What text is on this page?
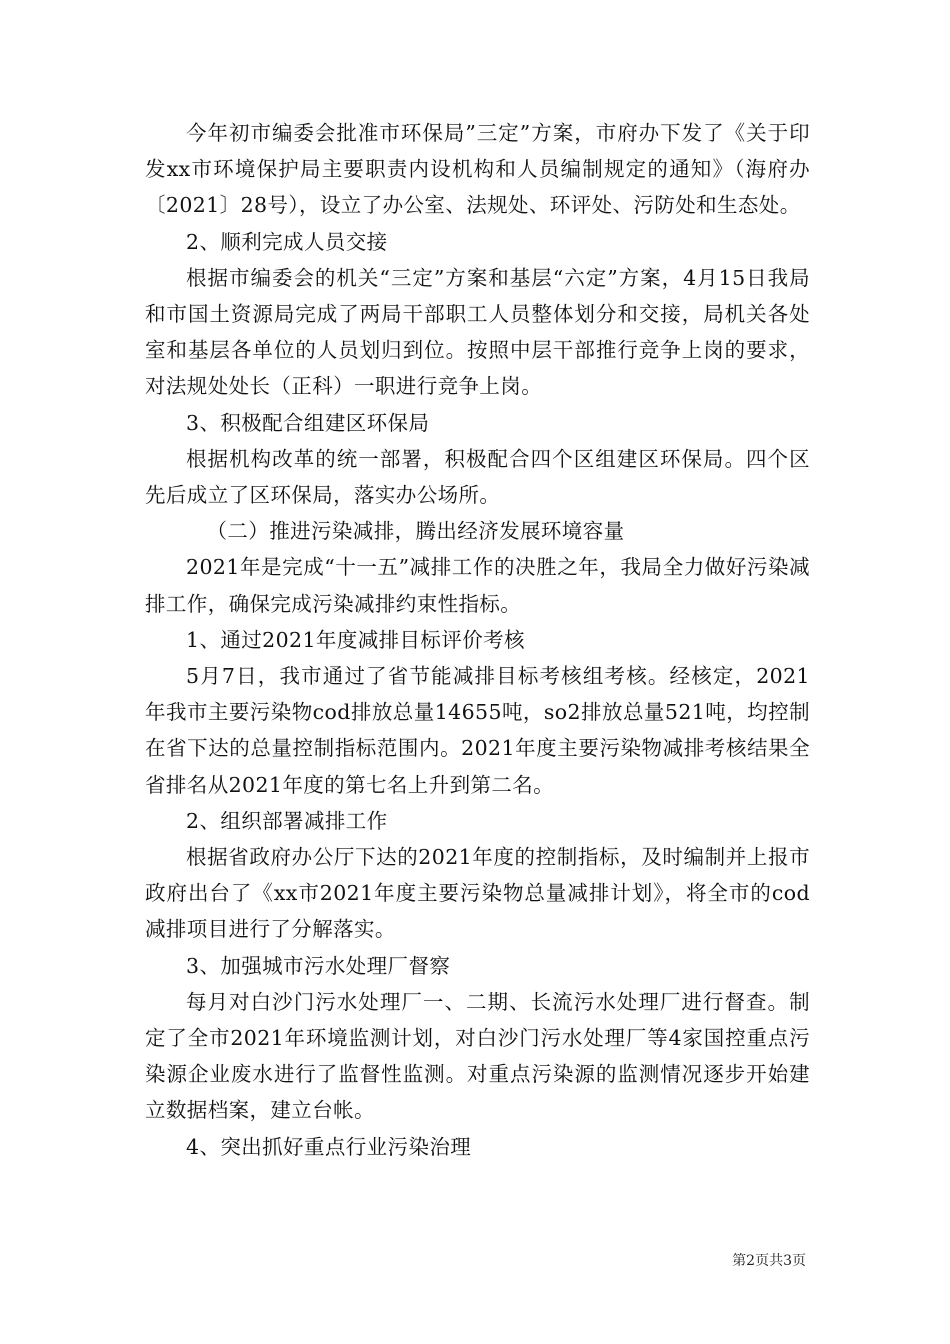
今年初市编委会批准市环保局”三定”方案，市府办下发了《关于印发xx市环境保护局主要职责内设机构和人员编制规定的通知》（海府办〔2021〕28号），设立了办公室、法规处、环评处、污防处和生态处。

2、顺利完成人员交接

根据市编委会的机关“三定”方案和基层“六定”方案，4月15日我局和市国土资源局完成了两局干部职工人员整体划分和交接，局机关各处室和基层各单位的人员划归到位。按照中层干部推行竞争上岗的要求，对法规处处长（正科）一职进行竞争上岗。

3、积极配合组建区环保局

根据机构改革的统一部署，积极配合四个区组建区环保局。四个区先后成立了区环保局，落实办公场所。

（二）推进污染减排，腾出经济发展环境容量

2021年是完成“十一五”减排工作的决胜之年，我局全力做好污染减排工作，确保完成污染减排约束性指标。

1、通过2021年度减排目标评价考核

5月7日，我市通过了省节能减排目标考核组考核。经核定，2021年我市主要污染物cod排放总量14655吨，so2排放总量521吨，均控制在省下达的总量控制指标范围内。2021年度主要污染物减排考核结果全省排名从2021年度的第七名上升到第二名。

2、组织部署减排工作

根据省政府办公厅下达的2021年度的控制指标，及时编制并上报市政府出台了《xx市2021年度主要污染物总量减排计划》，将全市的cod减排项目进行了分解落实。

3、加强城市污水处理厂督察

每月对白沙门污水处理厂一、二期、长流污水处理厂进行督查。制定了全市2021年环境监测计划，对白沙门污水处理厂等4家国控重点污染源企业废水进行了监督性监测。对重点污染源的监测情况逐步开始建立数据档案，建立台帐。

4、突出抓好重点行业污染治理

第2页共3页
